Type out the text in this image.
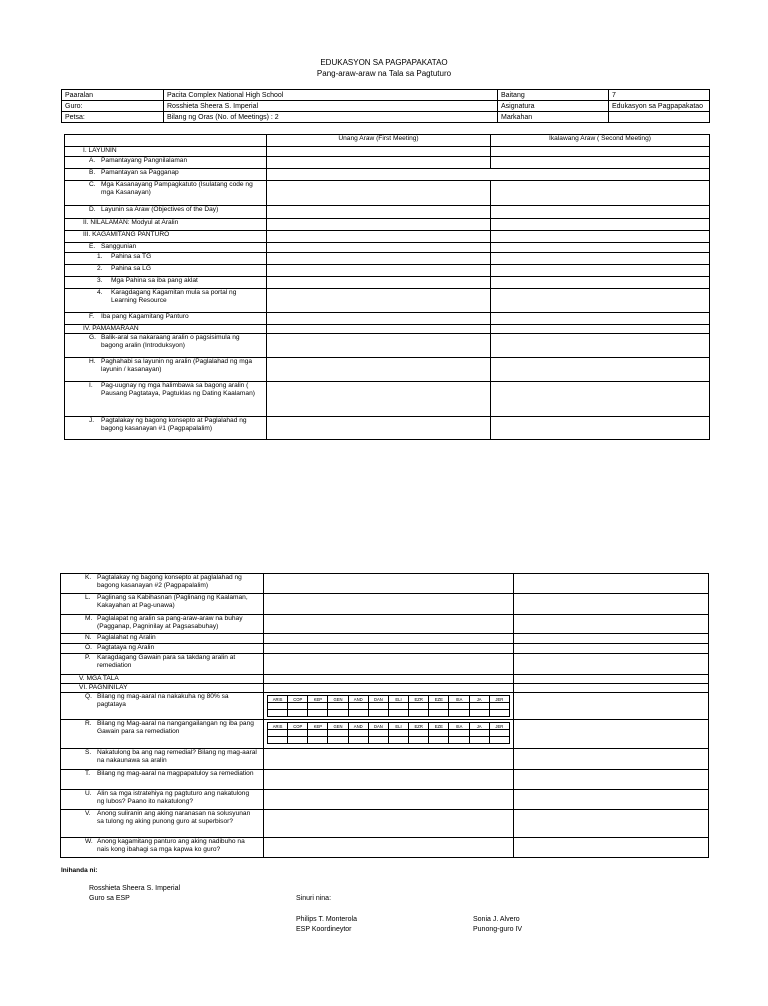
EDUKASYON SA PAGPAPAKATAO
Pang-araw-araw na Tala sa Pagtuturo
Paaralan	Pacita Complex National High School	Baitang	7
Guro:	Rosshieta Sheera S. Imperial	Asignatura	Edukasyon sa Pagpapakatao
Petsa:	Bilang ng Oras (No. of Meetings) : 2	Markahan	
	Unang Araw (First Meeting)	Ikalawang Araw ( Second Meeting)
I. LAYUNIN		
A. Pamantayang Pangnilalaman		
B. Pamantayan sa Pagganap		
C. Mga Kasanayang Pampagkatuto (Isulatang code ng mga Kasanayan)		
D. Layunin sa Araw (Objectives of the Day)		
II. NILALAMAN: Modyul at Aralin		
III. KAGAMITANG PANTURO		
E. Sanggunian		
1. Pahina sa TG		
2. Pahina sa LG		
3. Mga Pahina sa iba pang aklat		
4. Karagdagang Kagamitan mula sa portal ng Learning Resource		
F. Iba pang Kagamitang Panturo		
IV. PAMAMARAAN		
G. Balik-aral sa nakaraang aralin o pagsisimula ng bagong aralin (Introduksyon)		
H. Paghahabi sa layunin ng aralin (Paglalahad ng mga layunin / kasanayan)		
I. Pag-uugnay ng mga halimbawa sa bagong aralin ( Pausang Pagtataya, Pagtuklas ng Dating Kaalaman)		
J. Pagtalakay ng bagong konsepto at Paglalahad ng bagong kasanayan #1 (Pagpapalalim)		
K. Pagtalakay ng bagong konsepto at paglalahad ng bagong kasanayan #2 (Pagpapalalim)		
L. Paglinang sa Kabihasnan (Paglinang ng Kaalaman, Kakayahan at Pag-unawa)		
M. Paglalapat ng aralin sa pang-araw-araw na buhay (Pagganap, Pagninilay at Pagsasabuhay)		
N. Paglalahat ng Aralin		
O. Pagtataya ng Aralin		
P. Karagdagang Gawain para sa takdang aralin at remediation		
V. MGA TALA		
VI. PAGNINILAY		
Q. Bilang ng mag-aaral na nakakuha ng 80% sa pagtataya	
ARIS	COP	KEP	GEN	AND	DAN	ELI	EZR	EZE	ISA	JA	JER

R. Bilang ng Mag-aaral na nangangailangan ng iba pang Gawain para sa remediation	
ARIS	COP	KEP	GEN	AND	DAN	ELI	EZR	EZE	ISA	JA	JER

S. Nakatulong ba ang nag remedial? Bilang ng mag-aaral na nakaunawa sa aralin		
T. Bilang ng mag-aaral na magpapatuloy sa remediation		
U. Alin sa mga istratehiya ng pagtuturo ang nakatulong ng lubos? Paano ito nakatulong?		
V. Anong suliranin ang aking naranasan na solusyunan sa tulong ng aking punong guro at superbisor?		
W. Anong kagamitang panturo ang aking nadibuho na nais kong ibahagi sa mga kapwa ko guro?		
Inihanda ni:
Rosshieta Sheera S. Imperial
Guro sa ESP	Sinuri nina:
Philips T. Monterola
ESP Koordineytor
Sonia J. Alvero
Punong-guro IV
